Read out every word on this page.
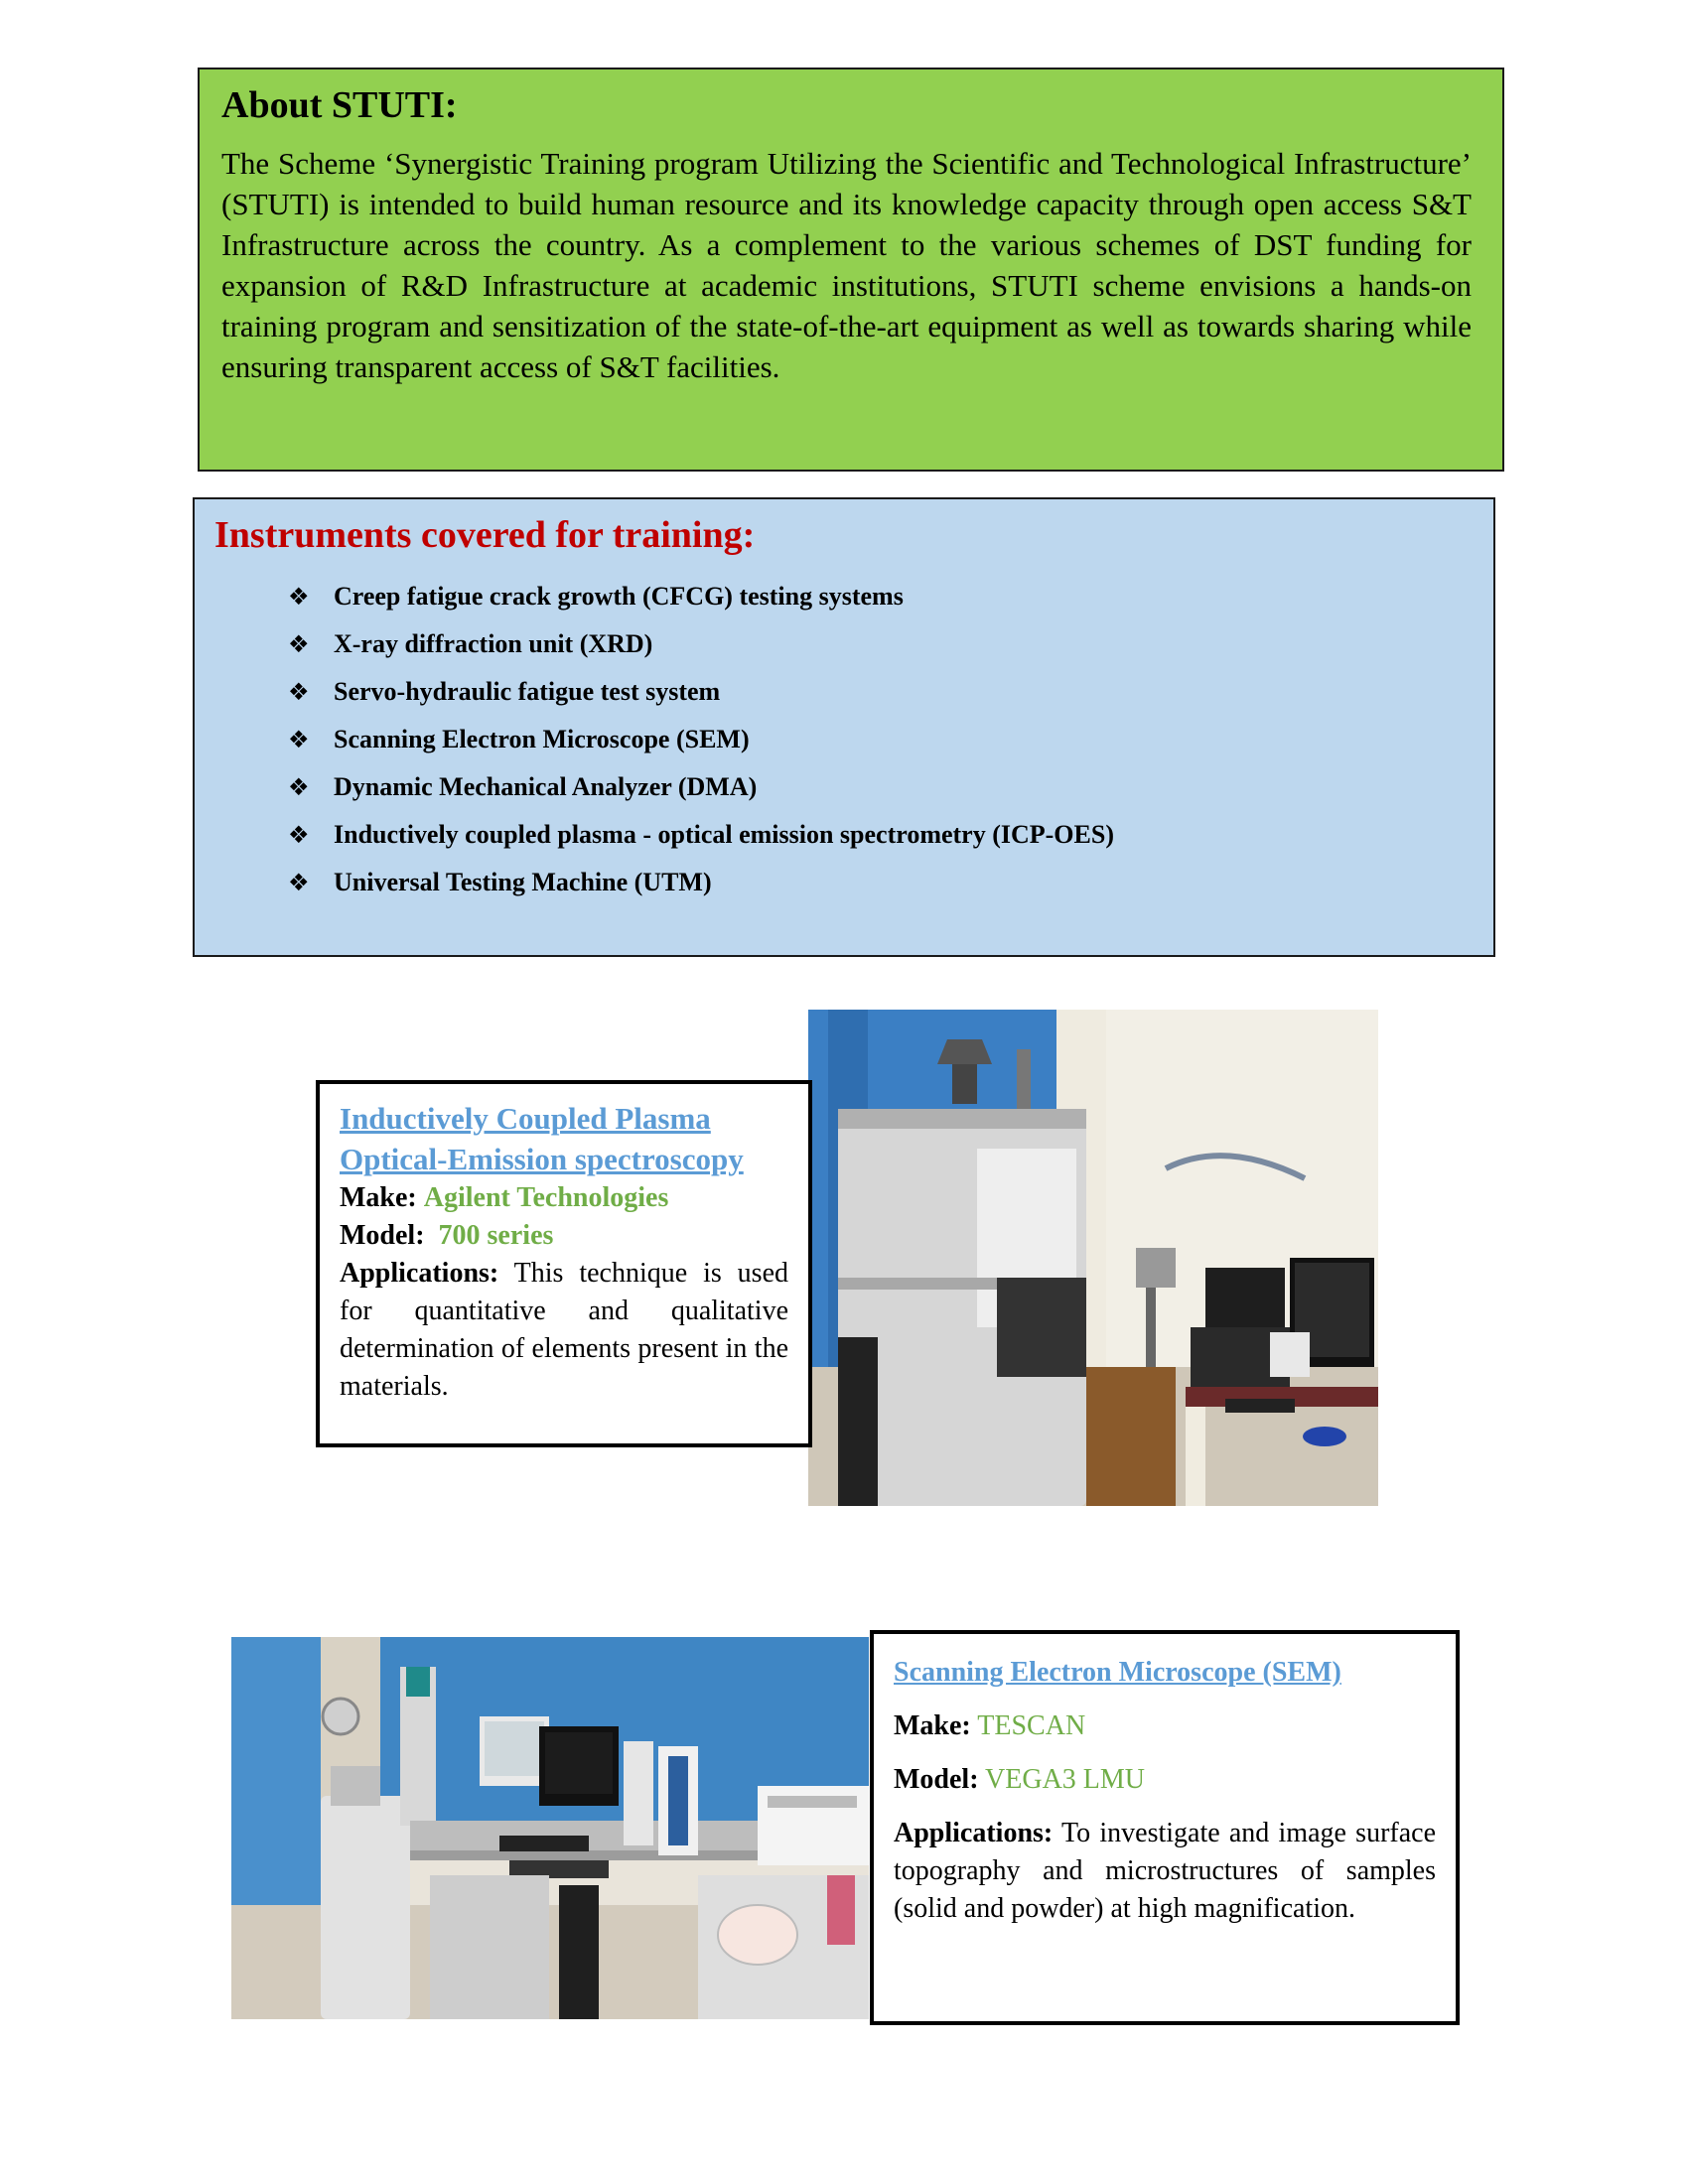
About STUTI:

The Scheme ‘Synergistic Training program Utilizing the Scientific and Technological Infrastructure’ (STUTI) is intended to build human resource and its knowledge capacity through open access S&T Infrastructure across the country. As a complement to the various schemes of DST funding for expansion of R&D Infrastructure at academic institutions, STUTI scheme envisions a hands-on training program and sensitization of the state-of-the-art equipment as well as towards sharing while ensuring transparent access of S&T facilities.

Instruments covered for training:
❖ Creep fatigue crack growth (CFCG) testing systems
❖ X-ray diffraction unit (XRD)
❖ Servo-hydraulic fatigue test system
❖ Scanning Electron Microscope (SEM)
❖ Dynamic Mechanical Analyzer (DMA)
❖ Inductively coupled plasma - optical emission spectrometry (ICP-OES)
❖ Universal Testing Machine (UTM)
Inductively Coupled Plasma
Optical-Emission spectroscopy
Make: Agilent Technologies
Model: 700 series
Applications: This technique is used for quantitative and qualitative determination of elements present in the materials.
Scanning Electron Microscope (SEM)
Make: TESCAN
Model: VEGA3 LMU
Applications: To investigate and image surface topography and microstructures of samples (solid and powder) at high magnification.
